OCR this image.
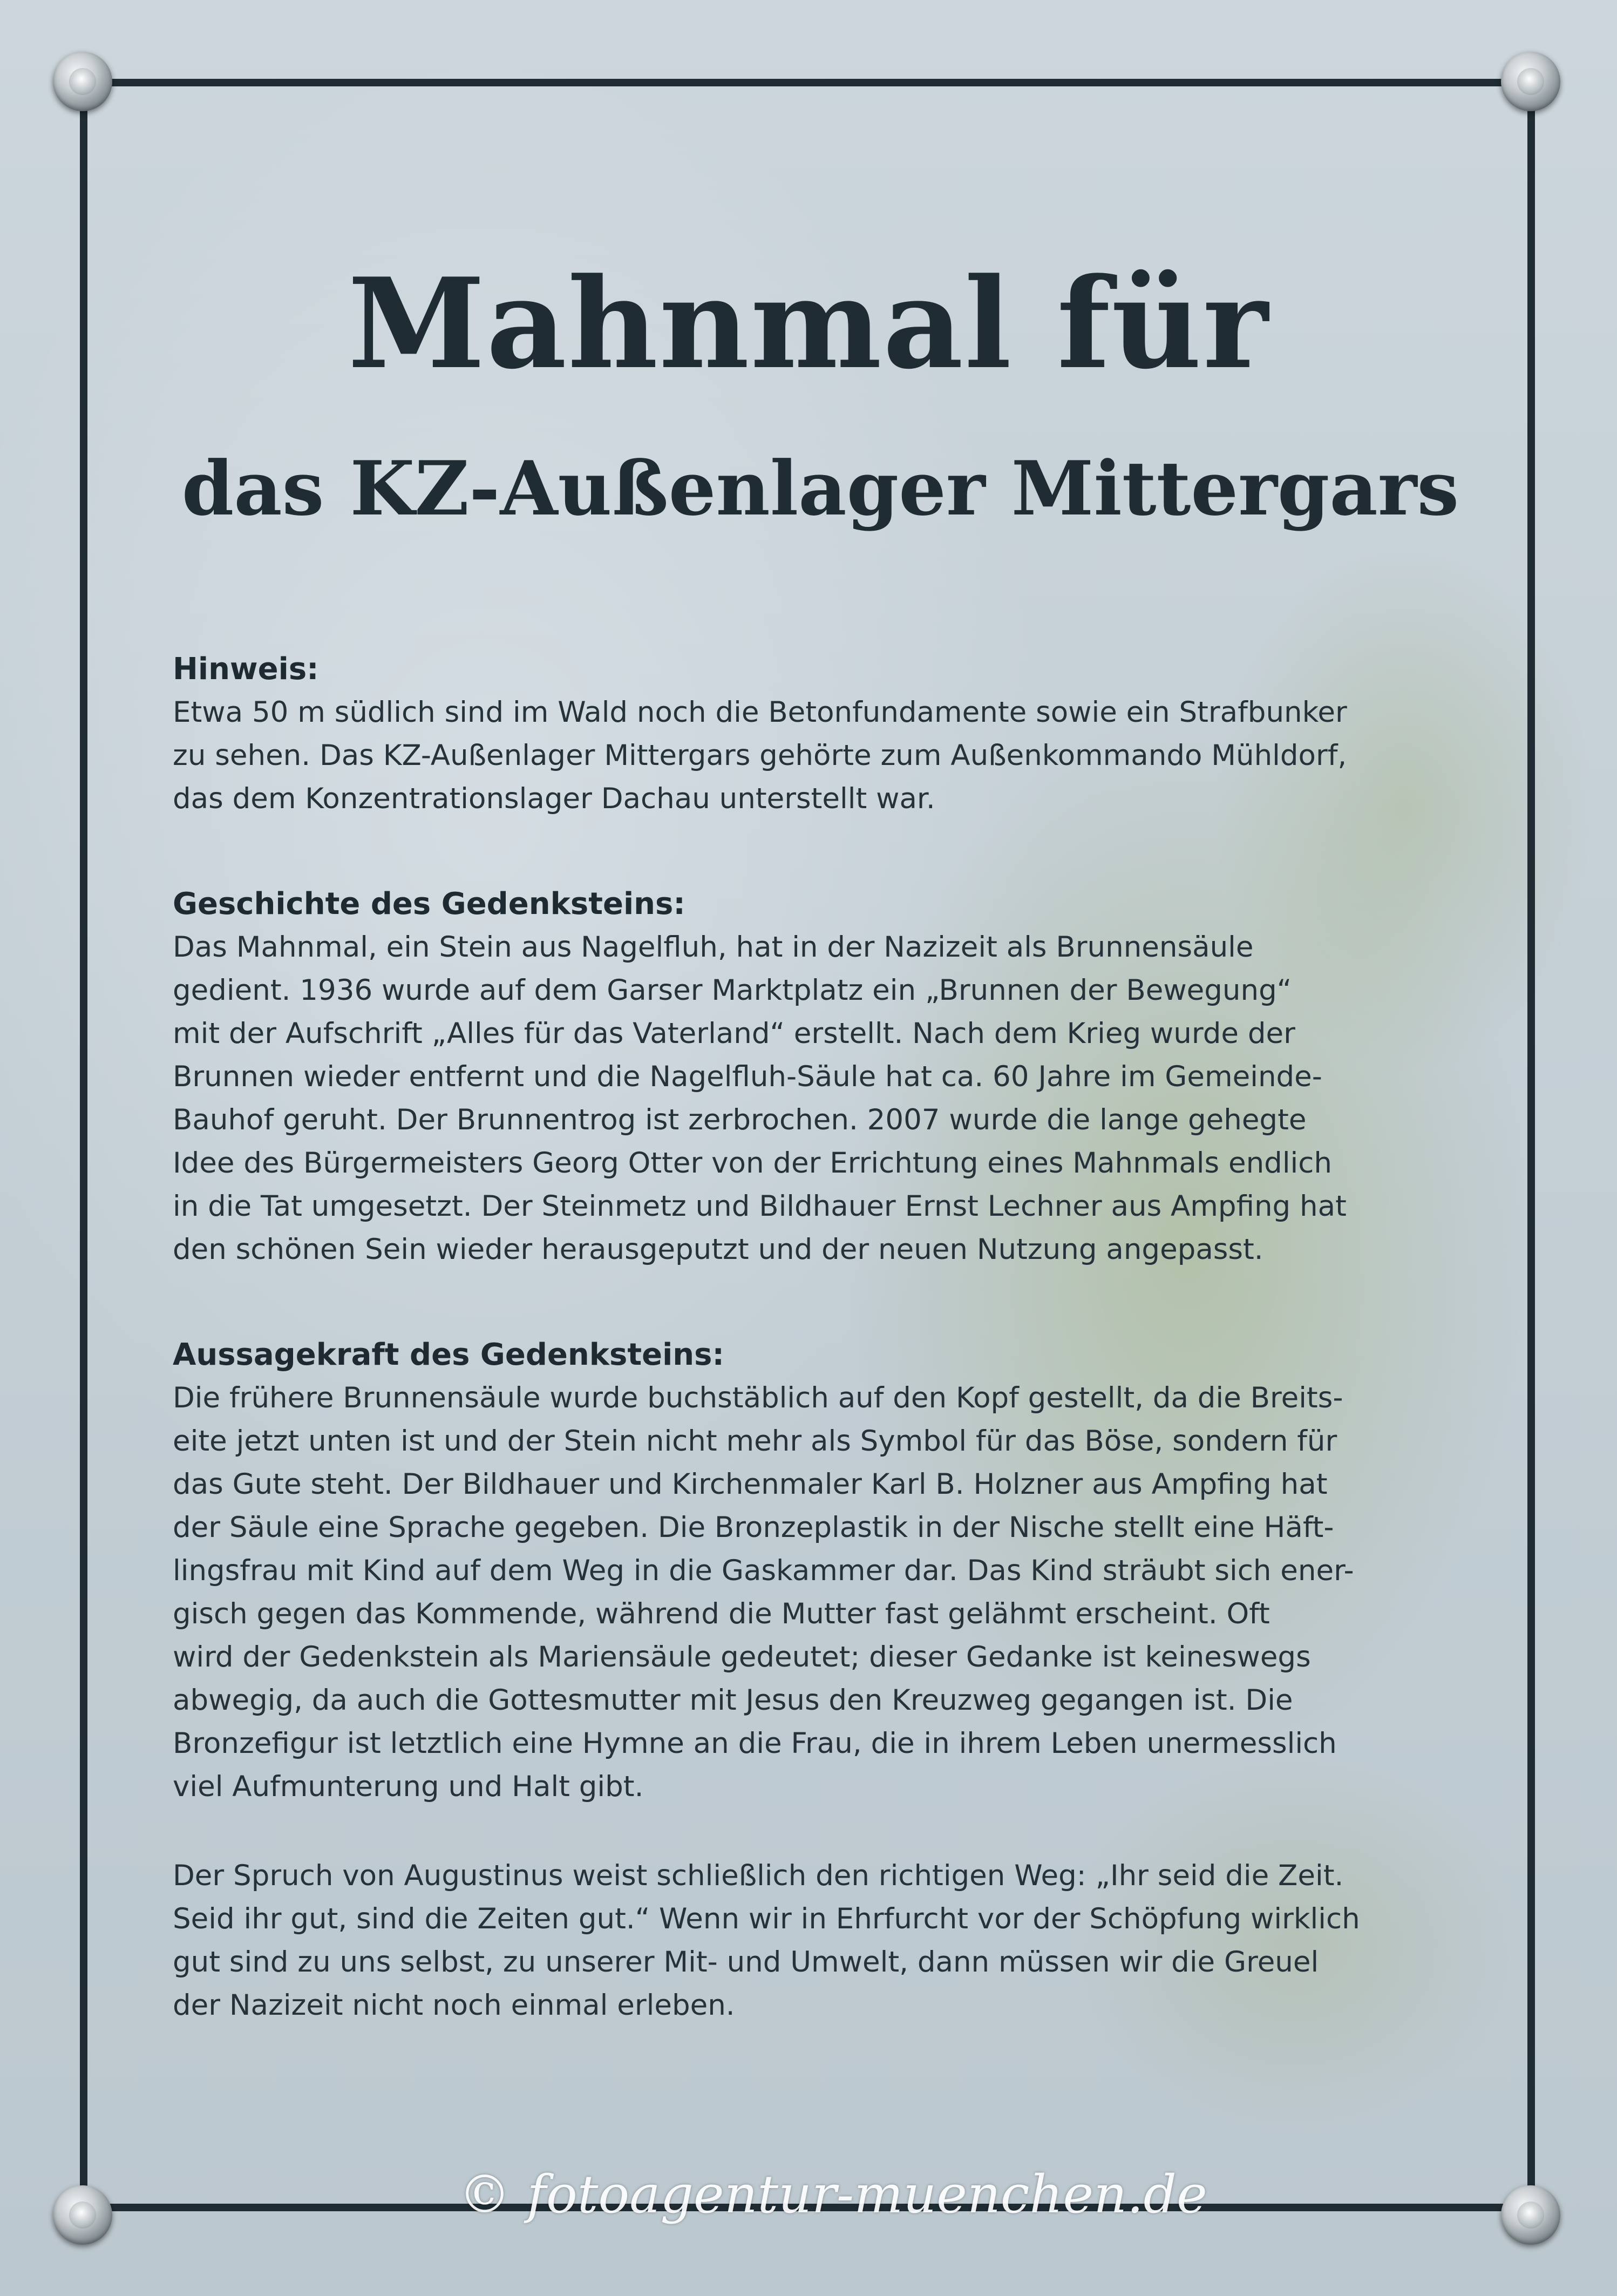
Mahnmal für
das KZ-Außenlager Mittergars

Hinweis:

Etwa 50 m südlich sind im Wald noch die Betonfundamente sowie ein Strafbunker
zu sehen. Das KZ-Außenlager Mittergars gehörte zum Außenkommando Mühldorf,
das dem Konzentrationslager Dachau unterstellt war.

Geschichte des Gedenksteins:

Das Mahnmal, ein Stein aus Nagelfluh, hat in der Nazizeit als Brunnensäule
gedient. 1936 wurde auf dem Garser Marktplatz ein „Brunnen der Bewegung“
mit der Aufschrift „Alles für das Vaterland“ erstellt. Nach dem Krieg wurde der
Brunnen wieder entfernt und die Nagelfluh-Säule hat ca. 60 Jahre im Gemeinde-
Bauhof geruht. Der Brunnentrog ist zerbrochen. 2007 wurde die lange gehegte
Idee des Bürgermeisters Georg Otter von der Errichtung eines Mahnmals endlich
in die Tat umgesetzt. Der Steinmetz und Bildhauer Ernst Lechner aus Ampfing hat
den schönen Sein wieder herausgeputzt und der neuen Nutzung angepasst.

Aussagekraft des Gedenksteins:

Die frühere Brunnensäule wurde buchstäblich auf den Kopf gestellt, da die Breits-
eite jetzt unten ist und der Stein nicht mehr als Symbol für das Böse, sondern für
das Gute steht. Der Bildhauer und Kirchenmaler Karl B. Holzner aus Ampfing hat
der Säule eine Sprache gegeben. Die Bronzeplastik in der Nische stellt eine Häft-
lingsfrau mit Kind auf dem Weg in die Gaskammer dar. Das Kind sträubt sich ener-
gisch gegen das Kommende, während die Mutter fast gelähmt erscheint. Oft
wird der Gedenkstein als Mariensäule gedeutet; dieser Gedanke ist keineswegs
abwegig, da auch die Gottesmutter mit Jesus den Kreuzweg gegangen ist. Die
Bronzefigur ist letztlich eine Hymne an die Frau, die in ihrem Leben unermesslich
viel Aufmunterung und Halt gibt.

Der Spruch von Augustinus weist schließlich den richtigen Weg: „Ihr seid die Zeit.
Seid ihr gut, sind die Zeiten gut.“ Wenn wir in Ehrfurcht vor der Schöpfung wirklich
gut sind zu uns selbst, zu unserer Mit- und Umwelt, dann müssen wir die Greuel
der Nazizeit nicht noch einmal erleben.

© fotoagentur-muenchen.de
